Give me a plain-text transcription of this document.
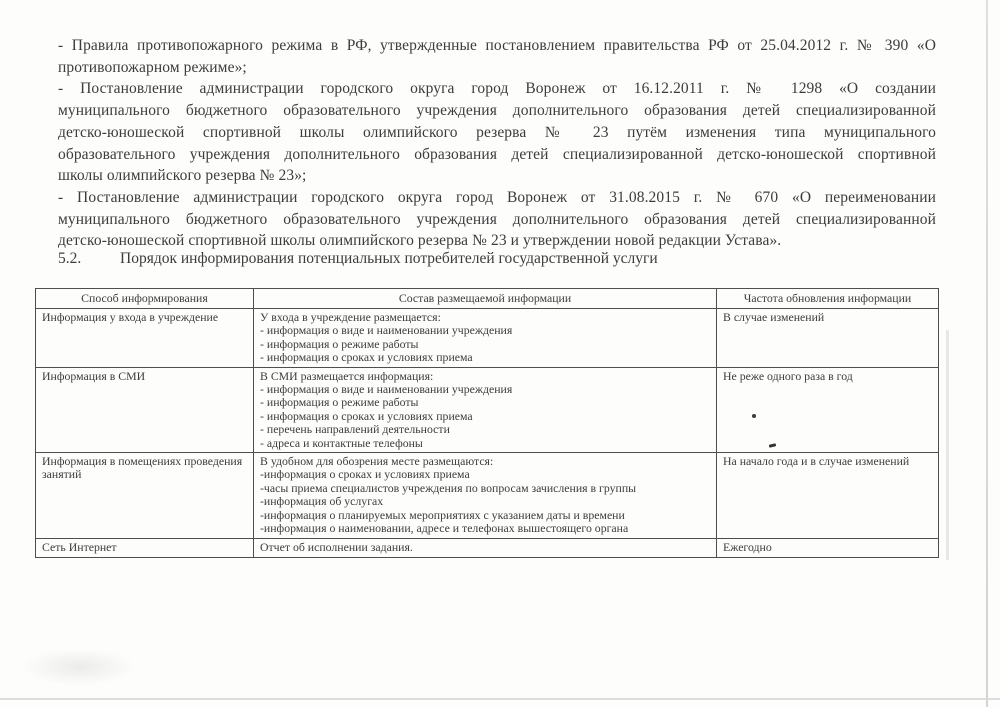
- Правила противопожарного режима в РФ, утвержденные постановлением правительства РФ от 25.04.2012 г. № 390 «О
противопожарном режиме»;
- Постановление администрации городского округа город Воронеж от 16.12.2011 г. № 1298 «О создании
муниципального бюджетного образовательного учреждения дополнительного образования детей специализированной
детско-юношеской спортивной школы олимпийского резерва № 23 путём изменения типа муниципального
образовательного учреждения дополнительного образования детей специализированной детско-юношеской спортивной
школы олимпийского резерва № 23»;
- Постановление администрации городского округа город Воронеж от 31.08.2015 г. № 670 «О переименовании
муниципального бюджетного образовательного учреждения дополнительного образования детей специализированной
детско-юношеской спортивной школы олимпийского резерва № 23 и утверждении новой редакции Устава».
5.2.	Порядок информирования потенциальных потребителей государственной услуги
Способ информирования	Состав размещаемой информации	Частота обновления информации
Информация у входа в учреждение	У входа в учреждение размещается:
- информация о виде и наименовании учреждения
- информация о режиме работы
- информация о сроках и условиях приема	В случае изменений
Информация в СМИ	В СМИ размещается информация:
- информация о виде и наименовании учреждения
- информация о режиме работы
- информация о сроках и условиях приема
- перечень направлений деятельности
- адреса и контактные телефоны
	Не реже одного раза в год
Информация в помещениях проведения занятий	
В удобном для обозрения месте размещаются:
-информация о сроках и условиях приема
-часы приема специалистов учреждения по вопросам зачисления в группы
-информация об услугах
-информация о планируемых мероприятиях с указанием даты и времени
-информация о наименовании, адресе и телефонах вышестоящего органа
	На начало года и в случае изменений
Сеть Интернет	Отчет об исполнении задания.	Ежегодно
